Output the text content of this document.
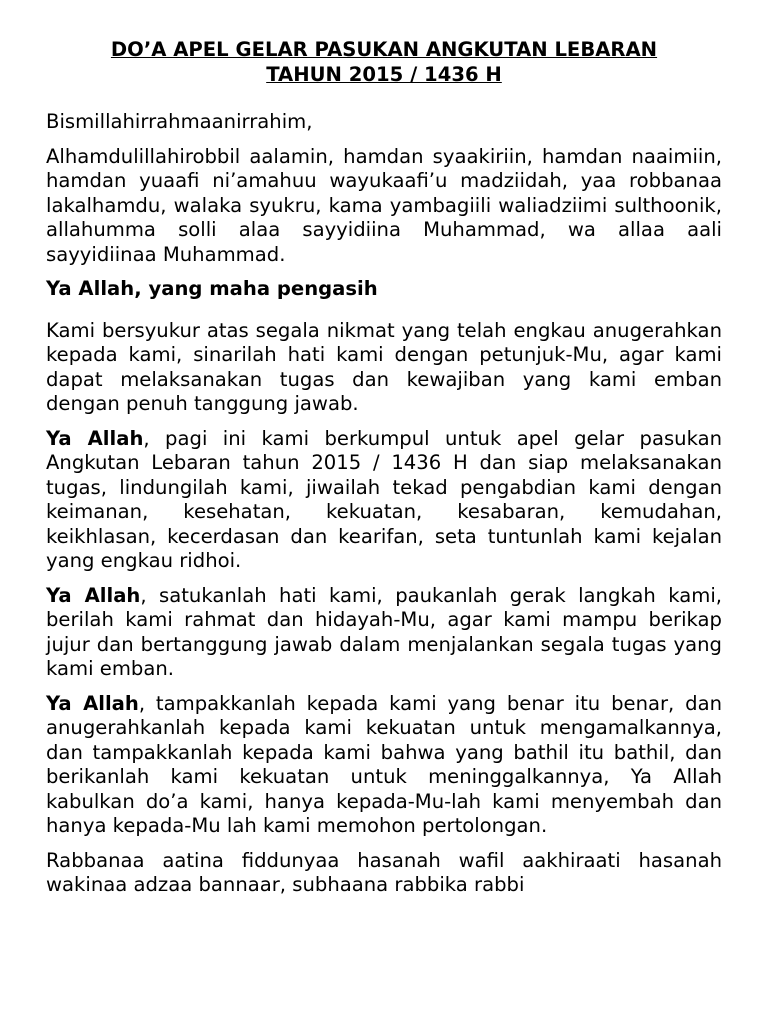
DO’A APEL GELAR PASUKAN ANGKUTAN LEBARAN
TAHUN 2015 / 1436 H

Bismillahirrahmaanirrahim,

Alhamdulillahirobbil aalamin, hamdan syaakiriin, hamdan naaimiin, hamdan yuaafi ni’amahuu wayukaafi’u madziidah, yaa robbanaa lakalhamdu, walaka syukru, kama yambagiili waliadziimi sulthoonik, allahumma solli alaa sayyidiina Muhammad, wa allaa aali sayyidiinaa Muhammad.

Ya Allah, yang maha pengasih

Kami bersyukur atas segala nikmat yang telah engkau anugerahkan kepada kami, sinarilah hati kami dengan petunjuk-Mu, agar kami dapat melaksanakan tugas dan kewajiban yang kami emban dengan penuh tanggung jawab.

Ya Allah, pagi ini kami berkumpul untuk apel gelar pasukan Angkutan Lebaran tahun 2015 / 1436 H dan siap melaksanakan tugas, lindungilah kami, jiwailah tekad pengabdian kami dengan keimanan, kesehatan, kekuatan, kesabaran, kemudahan, keikhlasan, kecerdasan dan kearifan, seta tuntunlah kami kejalan yang engkau ridhoi.

Ya Allah, satukanlah hati kami, paukanlah gerak langkah kami, berilah kami rahmat dan hidayah-Mu, agar kami mampu berikap jujur dan bertanggung jawab dalam menjalankan segala tugas yang kami emban.

Ya Allah, tampakkanlah kepada kami yang benar itu benar, dan anugerahkanlah kepada kami kekuatan untuk mengamalkannya, dan tampakkanlah kepada kami bahwa yang bathil itu bathil, dan berikanlah kami kekuatan untuk meninggalkannya, Ya Allah kabulkan do’a kami, hanya kepada-Mu-lah kami menyembah dan hanya kepada-Mu lah kami memohon pertolongan.

Rabbanaa aatina fiddunyaa hasanah wafil aakhiraati hasanah wakinaa adzaa bannaar, subhaana rabbika rabbi
